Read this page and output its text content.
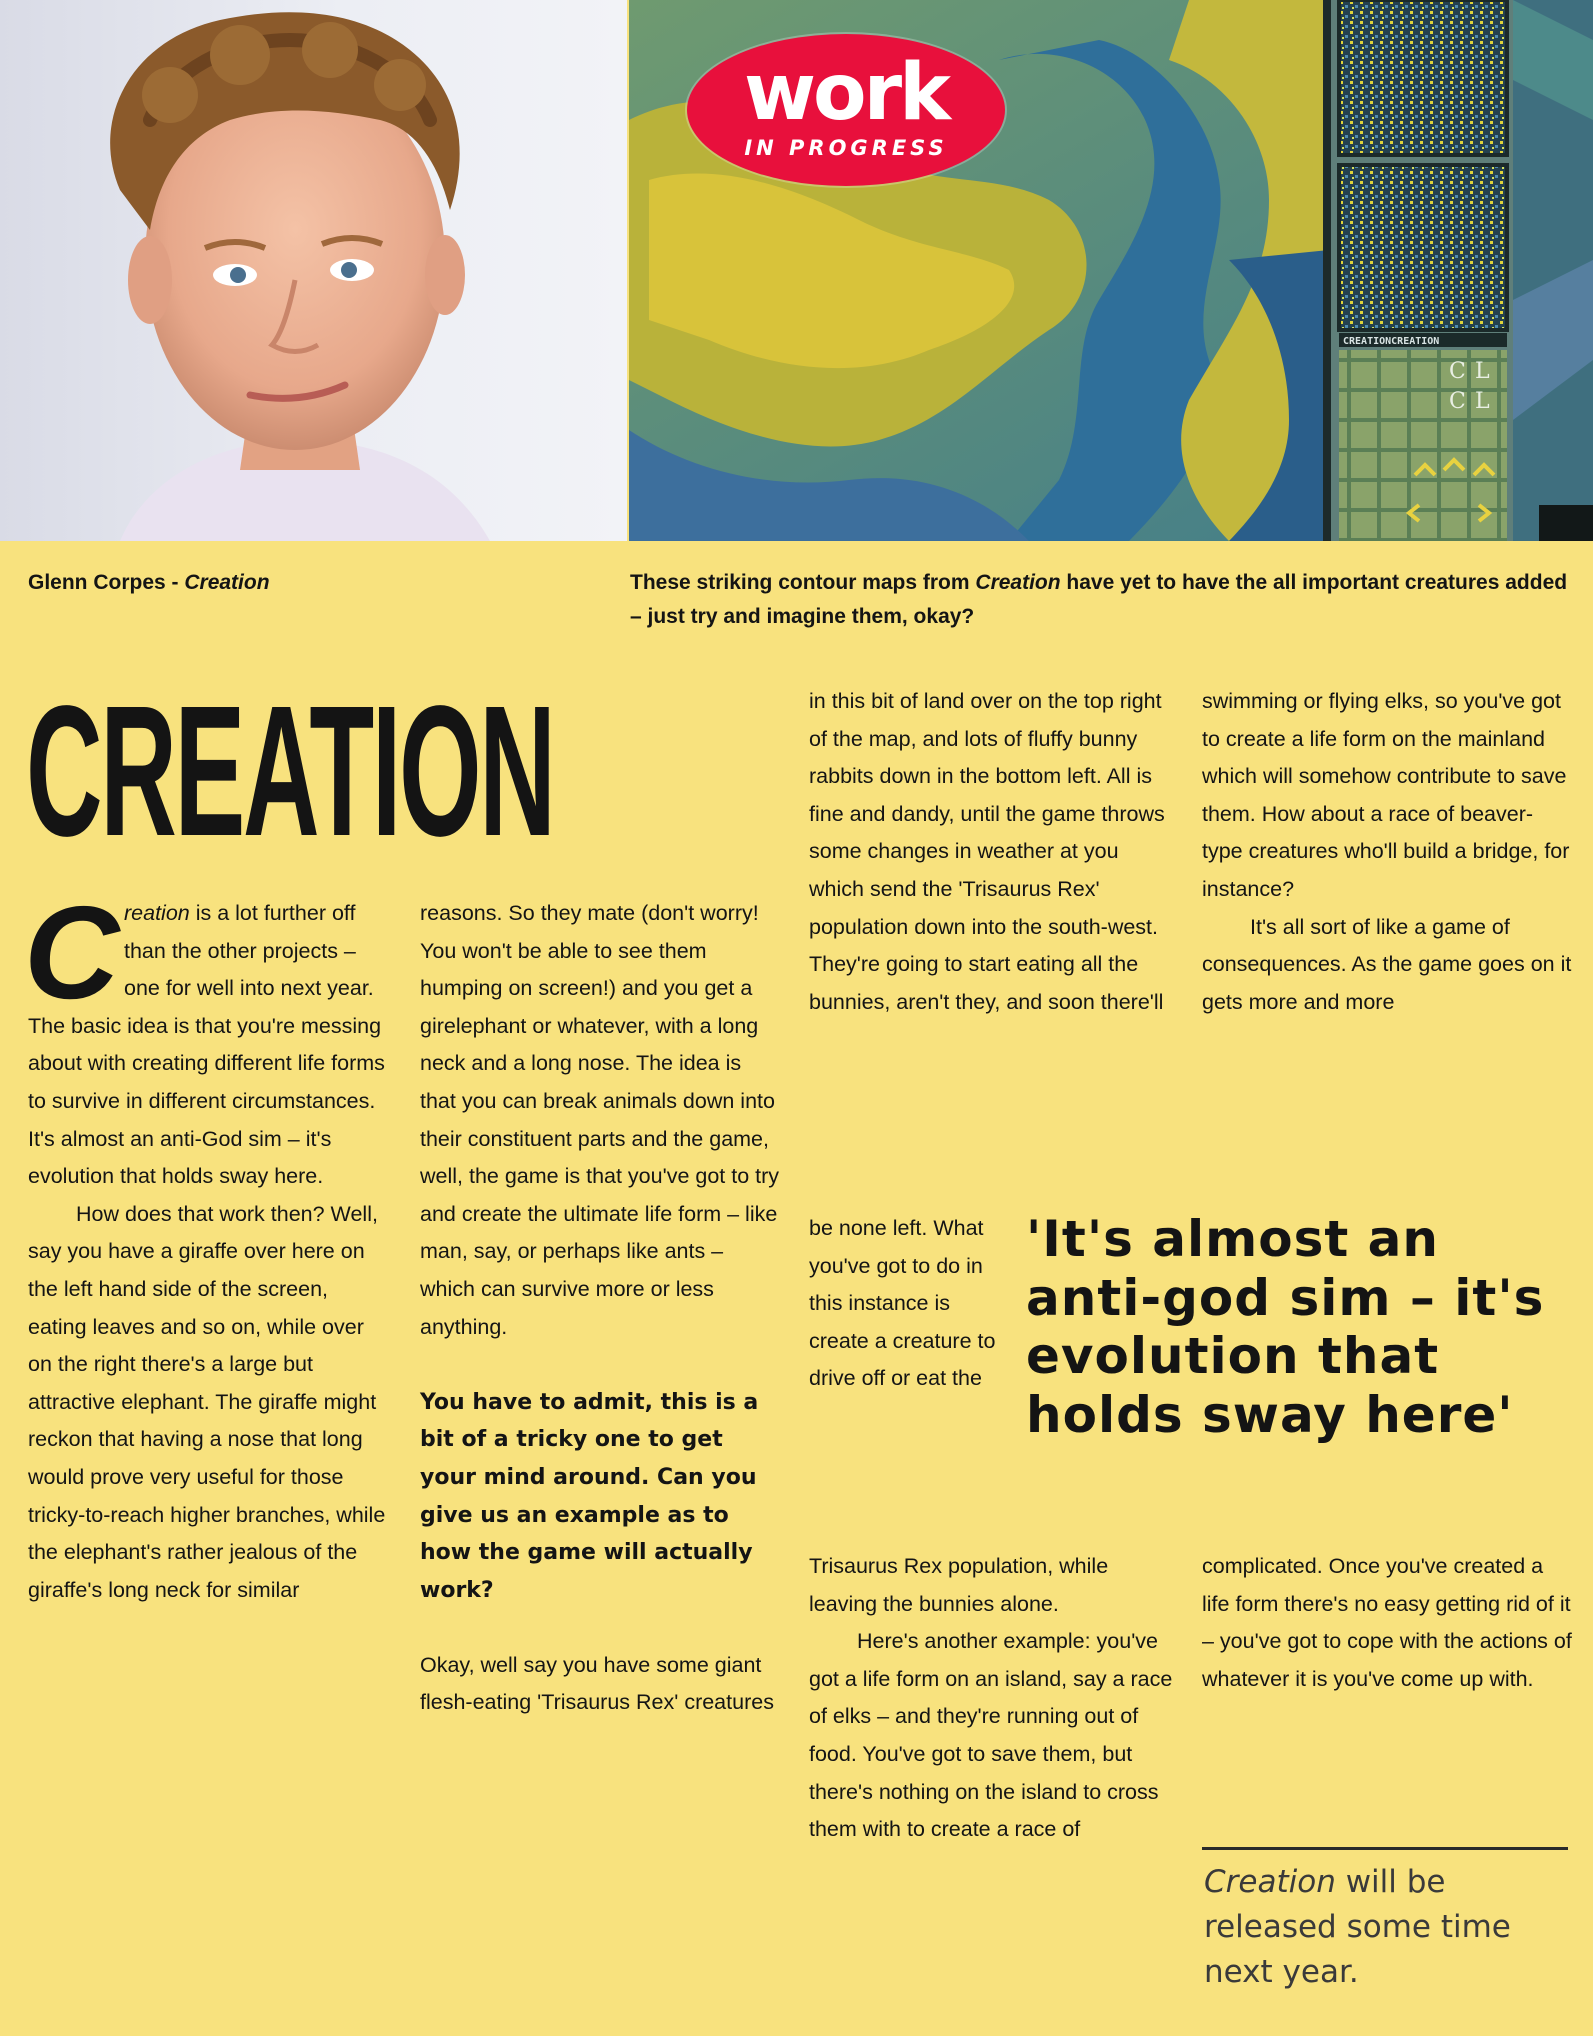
CREATIONCREATION
C L
C L
work
IN PROGRESS
Glenn Corpes - Creation	These striking contour maps from Creation have yet to have the all important creatures added – just try and imagine them, okay?
CREATION

Creation is a lot further off than the other projects – one for well into next year. The basic idea is that you're messing about with creating different life forms to survive in different circumstances. It's almost an anti-God sim – it's evolution that holds sway here.

How does that work then? Well, say you have a giraffe over here on the left hand side of the screen, eating leaves and so on, while over on the right there's a large but attractive elephant. The giraffe might reckon that having a nose that long would prove very useful for those tricky-to-reach higher branches, while the elephant's rather jealous of the giraffe's long neck for similar

reasons. So they mate (don't worry! You won't be able to see them humping on screen!) and you get a girelephant or whatever, with a long neck and a long nose. The idea is that you can break animals down into their constituent parts and the game, well, the game is that you've got to try and create the ultimate life form – like man, say, or perhaps like ants – which can survive more or less anything.

You have to admit, this is a bit of a tricky one to get your mind around. Can you give us an example as to how the game will actually work?

Okay, well say you have some giant flesh-eating 'Trisaurus Rex' creatures

in this bit of land over on the top right of the map, and lots of fluffy bunny rabbits down in the bottom left. All is fine and dandy, until the game throws some changes in weather at you which send the 'Trisaurus Rex' population down into the south-west. They're going to start eating all the bunnies, aren't they, and soon there'll

be none left. What you've got to do in this instance is create a creature to drive off or eat the

Trisaurus Rex population, while leaving the bunnies alone.

Here's another example: you've got a life form on an island, say a race of elks – and they're running out of food. You've got to save them, but there's nothing on the island to cross them with to create a race of

swimming or flying elks, so you've got to create a life form on the mainland which will somehow contribute to save them. How about a race of beaver-type creatures who'll build a bridge, for instance?

It's all sort of like a game of consequences. As the game goes on it gets more and more

complicated. Once you've created a life form there's no easy getting rid of it – you've got to cope with the actions of whatever it is you've come up with.

'It's almost an anti-god sim – it's evolution that holds sway here'
Creation will be released some time next year.
